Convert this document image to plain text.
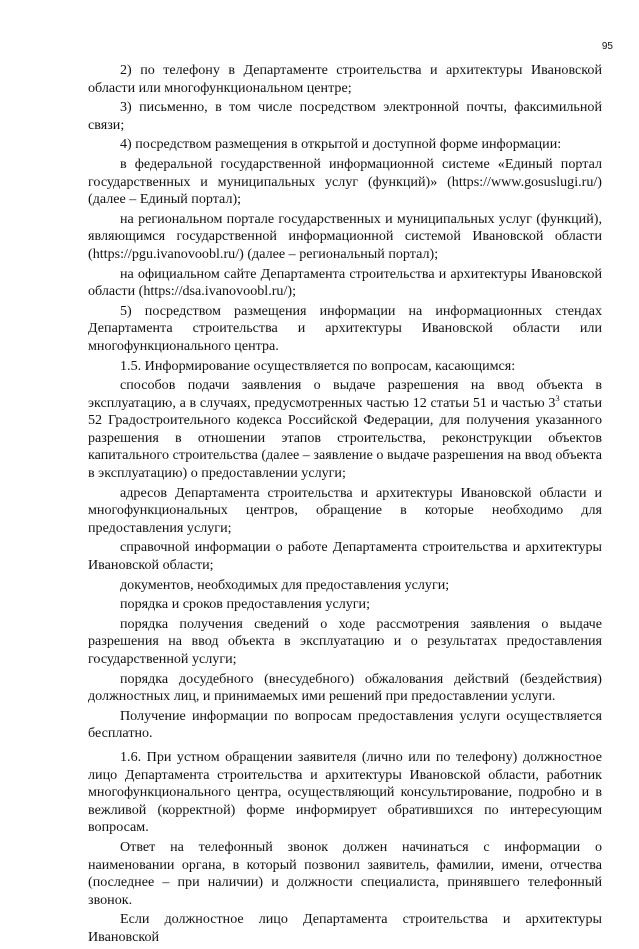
95

2) по телефону в Департаменте строительства и архитектуры Ивановской области или многофункциональном центре;

3) письменно, в том числе посредством электронной почты, факсимильной связи;

4) посредством размещения в открытой и доступной форме информации:

в федеральной государственной информационной системе «Единый портал государственных и муниципальных услуг (функций)» (https://www.gosuslugi.ru/) (далее – Единый портал);

на региональном портале государственных и муниципальных услуг (функций), являющимся государственной информационной системой Ивановской области (https://pgu.ivanovoobl.ru/) (далее – региональный портал);

на официальном сайте Департамента строительства и архитектуры Ивановской области (https://dsa.ivanovoobl.ru/);

5) посредством размещения информации на информационных стендах Департамента строительства и архитектуры Ивановской области или многофункционального центра.

1.5. Информирование осуществляется по вопросам, касающимся:

способов подачи заявления о выдаче разрешения на ввод объекта в эксплуатацию, а в случаях, предусмотренных частью 12 статьи 51 и частью $3^3$ статьи 52 Градостроительного кодекса Российской Федерации, для получения указанного разрешения в отношении этапов строительства, реконструкции объектов капитального строительства (далее – заявление о выдаче разрешения на ввод объекта в эксплуатацию) о предоставлении услуги;

адресов Департамента строительства и архитектуры Ивановской области и многофункциональных центров, обращение в которые необходимо для предоставления услуги;

справочной информации о работе Департамента строительства и архитектуры Ивановской области;

документов, необходимых для предоставления услуги;

порядка и сроков предоставления услуги;

порядка получения сведений о ходе рассмотрения заявления о выдаче разрешения на ввод объекта в эксплуатацию и о результатах предоставления государственной услуги;

порядка досудебного (внесудебного) обжалования действий (бездействия) должностных лиц, и принимаемых ими решений при предоставлении услуги.

Получение информации по вопросам предоставления услуги осуществляется бесплатно.

1.6. При устном обращении заявителя (лично или по телефону) должностное лицо Департамента строительства и архитектуры Ивановской области, работник многофункционального центра, осуществляющий консультирование, подробно и в вежливой (корректной) форме информирует обратившихся по интересующим вопросам.

Ответ на телефонный звонок должен начинаться с информации о наименовании органа, в который позвонил заявитель, фамилии, имени, отчества (последнее – при наличии) и должности специалиста, принявшего телефонный звонок.

Если должностное лицо Департамента строительства и архитектуры Ивановской
